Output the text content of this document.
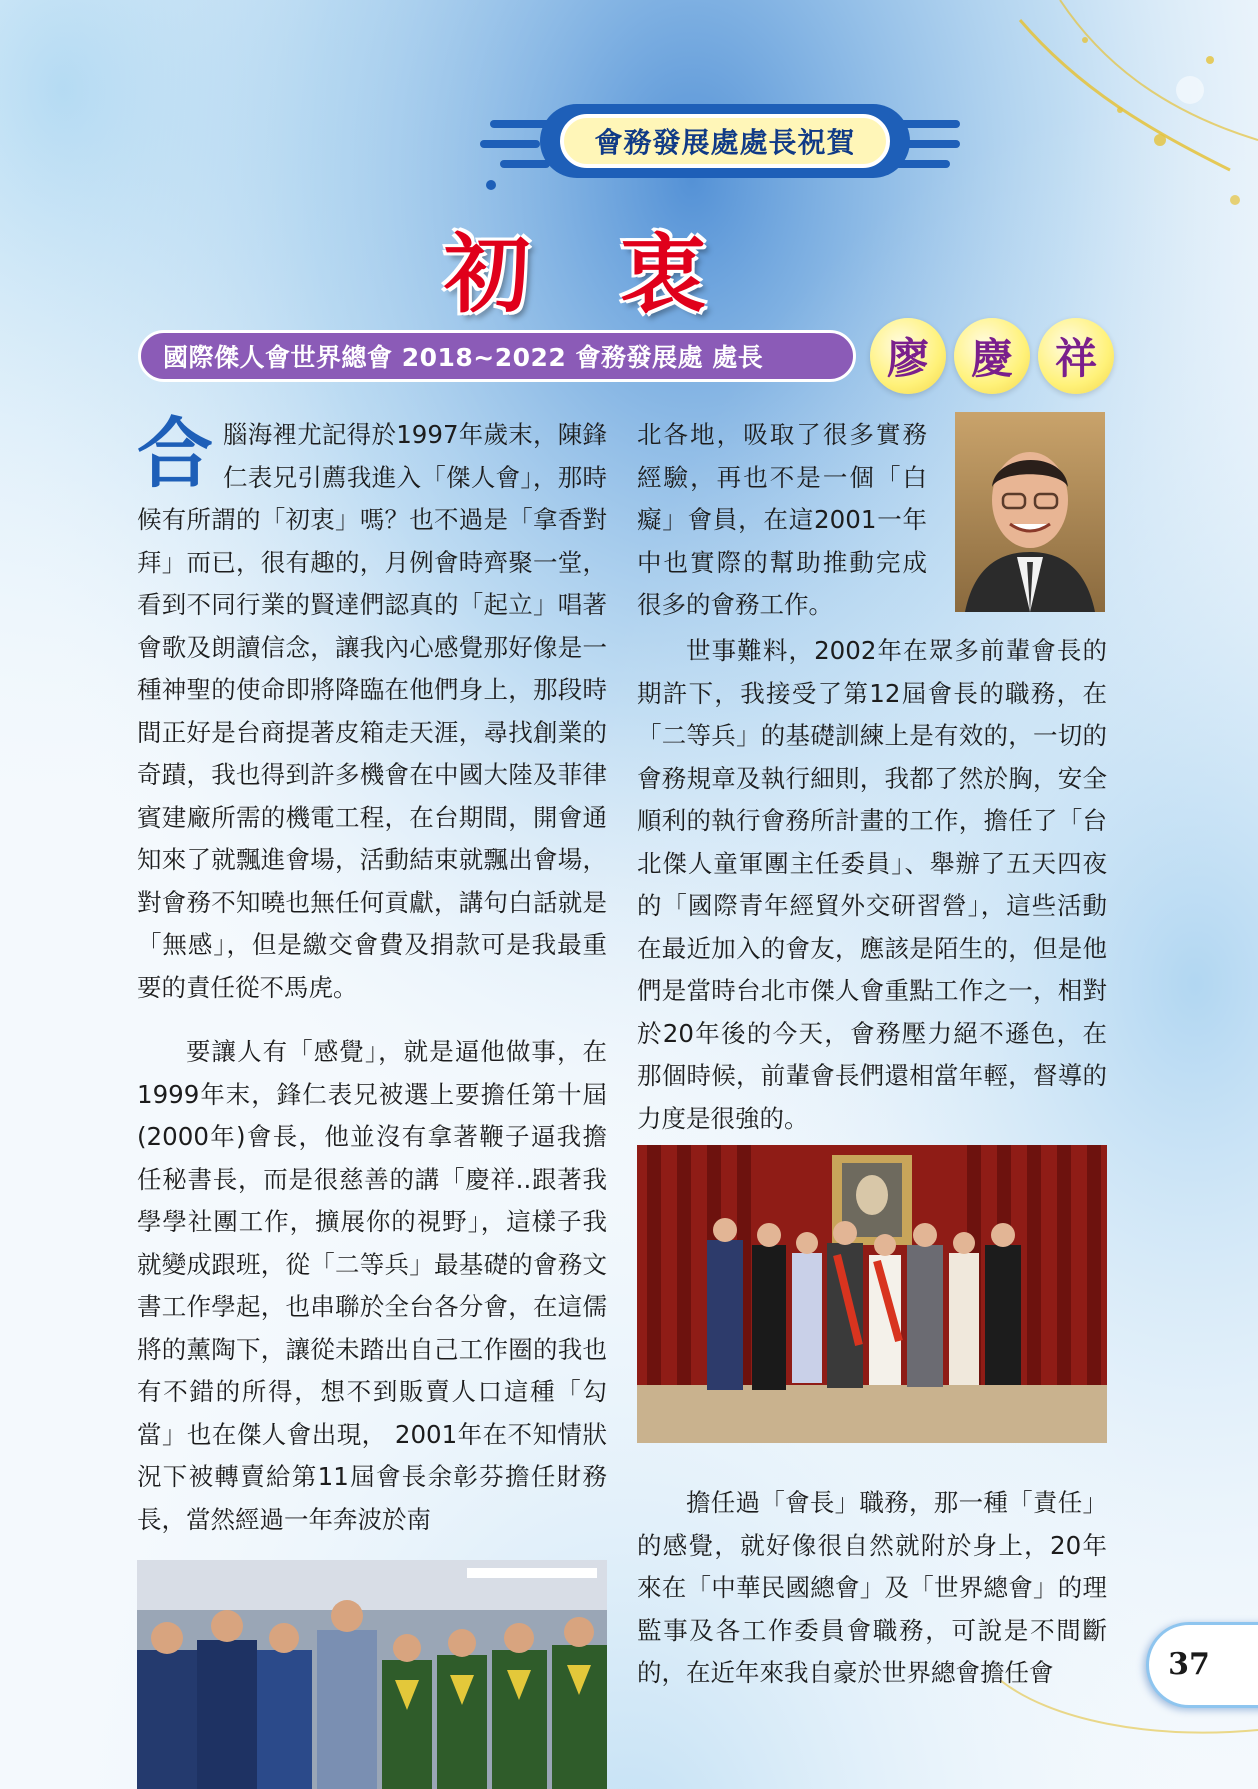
會務發展處處長祝賀
初衷
國際傑人會世界總會 2018~2022 會務發展處 處長	廖 慶 祥

合腦海裡尤記得於1997年歲末，陳鋒仁表兄引薦我進入「傑人會」，那時候有所謂的「初衷」嗎？也不過是「拿香對拜」而已，很有趣的，月例會時齊聚一堂，看到不同行業的賢達們認真的「起立」唱著會歌及朗讀信念，讓我內心感覺那好像是一種神聖的使命即將降臨在他們身上，那段時間正好是台商提著皮箱走天涯，尋找創業的奇蹟，我也得到許多機會在中國大陸及菲律賓建廠所需的機電工程，在台期間，開會通知來了就飄進會場，活動結束就飄出會場，對會務不知曉也無任何貢獻，講句白話就是「無感」，但是繳交會費及捐款可是我最重要的責任從不馬虎。

要讓人有「感覺」，就是逼他做事，在1999年末，鋒仁表兄被選上要擔任第十屆(2000年)會長，他並沒有拿著鞭子逼我擔任秘書長，而是很慈善的講「慶祥..跟著我學學社團工作，擴展你的視野」，這樣子我就變成跟班，從「二等兵」最基礎的會務文書工作學起，也串聯於全台各分會，在這儒將的薰陶下，讓從未踏出自己工作圈的我也有不錯的所得，想不到販賣人口這種「勾當」也在傑人會出現， 2001年在不知情狀況下被轉賣給第11屆會長余彰芬擔任財務長，當然經過一年奔波於南

北各地，吸取了很多實務經驗，再也不是一個「白癡」會員，在這2001一年中也實際的幫助推動完成很多的會務工作。

世事難料，2002年在眾多前輩會長的期許下，我接受了第12屆會長的職務，在「二等兵」的基礎訓練上是有效的，一切的會務規章及執行細則，我都了然於胸，安全順利的執行會務所計畫的工作，擔任了「台北傑人童軍團主任委員」、舉辦了五天四夜的「國際青年經貿外交研習營」，這些活動在最近加入的會友，應該是陌生的，但是他們是當時台北市傑人會重點工作之一，相對於20年後的今天，會務壓力絕不遜色，在那個時候，前輩會長們還相當年輕，督導的力度是很強的。

擔任過「會長」職務，那一種「責任」的感覺，就好像很自然就附於身上，20年來在「中華民國總會」及「世界總會」的理監事及各工作委員會職務，可說是不間斷的，在近年來我自豪於世界總會擔任會	37
